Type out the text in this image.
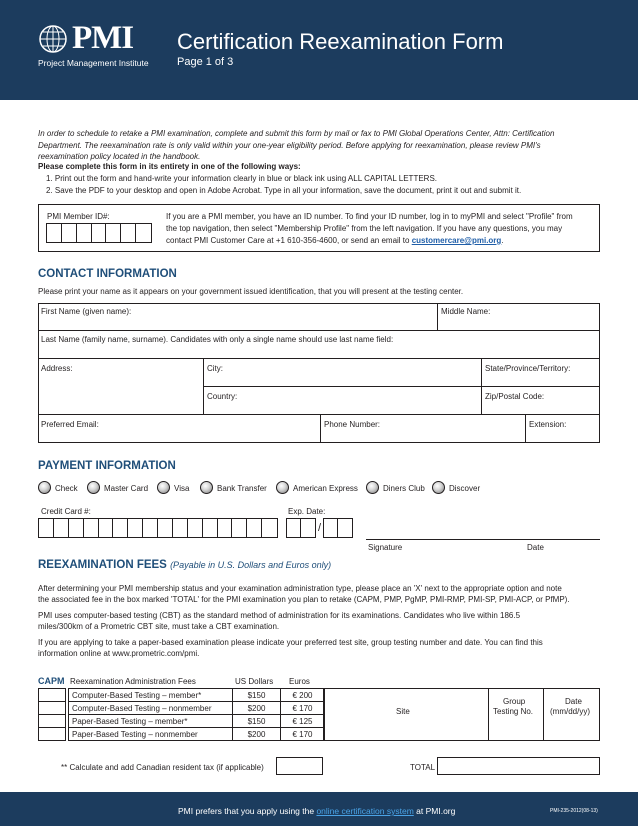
PMI
Project Management Institute
Certification Reexamination Form
Page 1 of 3
In order to schedule to retake a PMI examination, complete and submit this form by mail or fax to PMI Global Operations Center, Attn: Certification
Department. The reexamination rate is only valid within your one-year eligibility period. Before applying for reexamination, please review PMI's
reexamination policy located in the handbook.
Please complete this form in its entirety in one of the following ways:
1. Print out the form and hand-write your information clearly in blue or black ink using ALL CAPITAL LETTERS.
2. Save the PDF to your desktop and open in Adobe Acrobat. Type in all your information, save the document, print it out and submit it.
PMI Member ID#:	If you are a PMI member, you have an ID number. To find your ID number, log in to myPMI and select "Profile" from
the top navigation, then select "Membership Profile" from the left navigation. If you have any questions, you may
contact PMI Customer Care at +1 610-356-4600, or send an email to customercare@pmi.org.
CONTACT INFORMATION
Please print your name as it appears on your government issued identification, that you will present at the testing center.
First Name (given name):	Middle Name:
Last Name (family name, surname). Candidates with only a single name should use last name field:
Address:	City:	State/Province/Territory:
Country:	Zip/Postal Code:
Preferred Email:	Phone Number:	Extension:
PAYMENT INFORMATION
Check	Master Card	Visa	Bank Transfer	American Express	Diners Club	Discover
Credit Card #:	Exp. Date:
/
Signature	Date
REEXAMINATION FEES (Payable in U.S. Dollars and Euros only)
After determining your PMI membership status and your examination administration type, please place an 'X' next to the appropriate option and note
the associated fee in the box marked 'TOTAL' for the PMI examination you plan to retake (CAPM, PMP, PgMP, PMI-RMP, PMI-SP, PMI-ACP, or PfMP).
PMI uses computer-based testing (CBT) as the standard method of administration for its examinations. Candidates who live within 186.5
miles/300km of a Prometric CBT site, must take a CBT examination.
If you are applying to take a paper-based examination please indicate your preferred test site, group testing number and date. You can find this
information online at www.prometric.com/pmi.
CAPM Reexamination Administration Fees	US Dollars Euros
Computer-Based Testing – member*	$150	€ 200
Computer-Based Testing – nonmember	$200	€ 170
Paper-Based Testing – member*	$150	€ 125
Paper-Based Testing – nonmember	$200	€ 170
Site
Group
Testing No.
Date
(mm/dd/yy)
** Calculate and add Canadian resident tax (if applicable)	TOTAL
PMI prefers that you apply using the online certification system at PMI.org	PMI-235-2012(08-13)
